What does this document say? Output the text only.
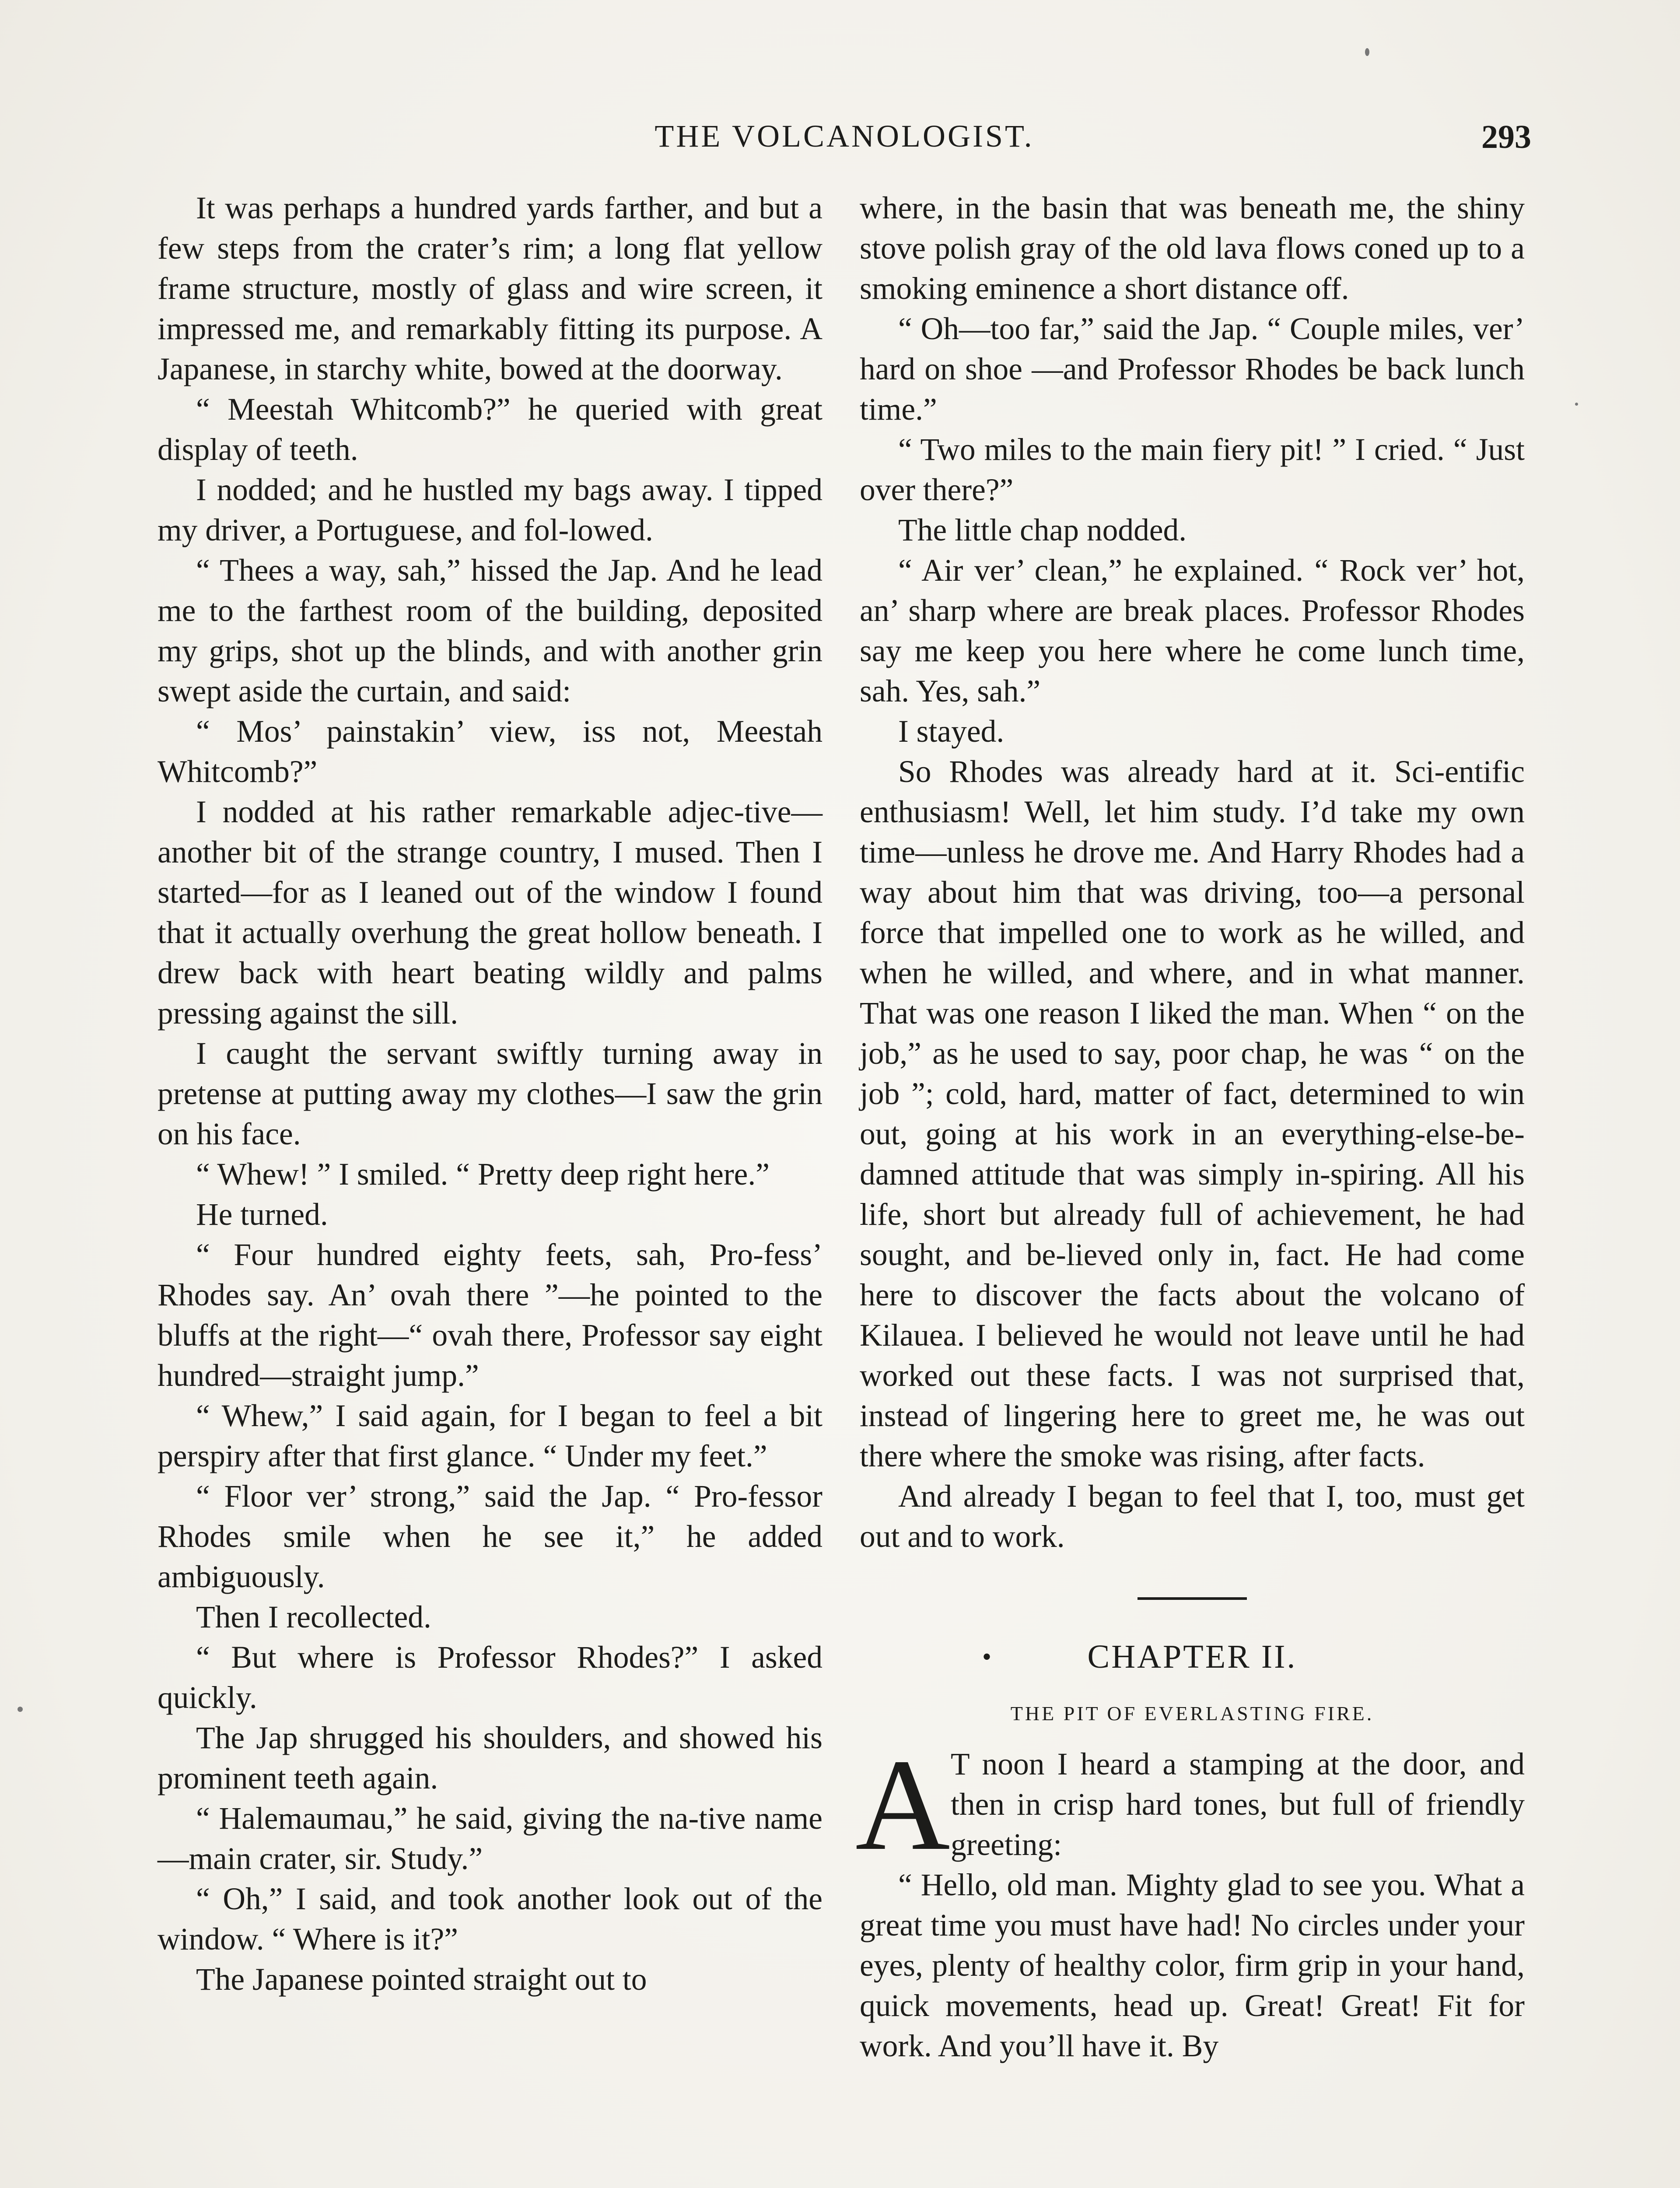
THE VOLCANOLOGIST.	293

It was perhaps a hundred yards farther, and but a few steps from the crater’s rim; a long flat yellow frame structure, mostly of glass and wire screen, it impressed me, and remarkably fitting its purpose. A Japanese, in starchy white, bowed at the doorway.

“ Meestah Whitcomb?” he queried with great display of teeth.

I nodded; and he hustled my bags away. I tipped my driver, a Portuguese, and fol-lowed.

“ Thees a way, sah,” hissed the Jap. And he lead me to the farthest room of the building, deposited my grips, shot up the blinds, and with another grin swept aside the curtain, and said:

“ Mos’ painstakin’ view, iss not, Meestah Whitcomb?”

I nodded at his rather remarkable adjec-tive—another bit of the strange country, I mused. Then I started—for as I leaned out of the window I found that it actually overhung the great hollow beneath. I drew back with heart beating wildly and palms pressing against the sill.

I caught the servant swiftly turning away in pretense at putting away my clothes—I saw the grin on his face.

“ Whew! ” I smiled. “ Pretty deep right here.”

He turned.

“ Four hundred eighty feets, sah, Pro-fess’ Rhodes say. An’ ovah there ”—he pointed to the bluffs at the right—“ ovah there, Professor say eight hundred—straight jump.”

“ Whew,” I said again, for I began to feel a bit perspiry after that first glance. “ Under my feet.”

“ Floor ver’ strong,” said the Jap. “ Pro-fessor Rhodes smile when he see it,” he added ambiguously.

Then I recollected.

“ But where is Professor Rhodes?” I asked quickly.

The Jap shrugged his shoulders, and showed his prominent teeth again.

“ Halemaumau,” he said, giving the na-tive name—main crater, sir. Study.”

“ Oh,” I said, and took another look out of the window. “ Where is it?”

The Japanese pointed straight out to

where, in the basin that was beneath me, the shiny stove polish gray of the old lava flows coned up to a smoking eminence a short distance off.

“ Oh—too far,” said the Jap. “ Couple miles, ver’ hard on shoe —and Professor Rhodes be back lunch time.”

“ Two miles to the main fiery pit! ” I cried. “ Just over there?”

The little chap nodded.

“ Air ver’ clean,” he explained. “ Rock ver’ hot, an’ sharp where are break places. Professor Rhodes say me keep you here where he come lunch time, sah. Yes, sah.”

I stayed.

So Rhodes was already hard at it. Sci-entific enthusiasm! Well, let him study. I’d take my own time—unless he drove me. And Harry Rhodes had a way about him that was driving, too—a personal force that impelled one to work as he willed, and when he willed, and where, and in what manner. That was one reason I liked the man. When “ on the job,” as he used to say, poor chap, he was “ on the job ”; cold, hard, matter of fact, determined to win out, going at his work in an everything-else-be-damned attitude that was simply in-spiring. All his life, short but already full of achievement, he had sought, and be-lieved only in, fact. He had come here to discover the facts about the volcano of Kilauea. I believed he would not leave until he had worked out these facts. I was not surprised that, instead of lingering here to greet me, he was out there where the smoke was rising, after facts.

And already I began to feel that I, too, must get out and to work.

•	CHAPTER II.
THE PIT OF EVERLASTING FIRE.

A T noon I heard a stamping at the door, and then in crisp hard tones, but full of friendly greeting:

“ Hello, old man. Mighty glad to see you. What a great time you must have had! No circles under your eyes, plenty of healthy color, firm grip in your hand, quick movements, head up. Great! Great! Fit for work. And you’ll have it. By
